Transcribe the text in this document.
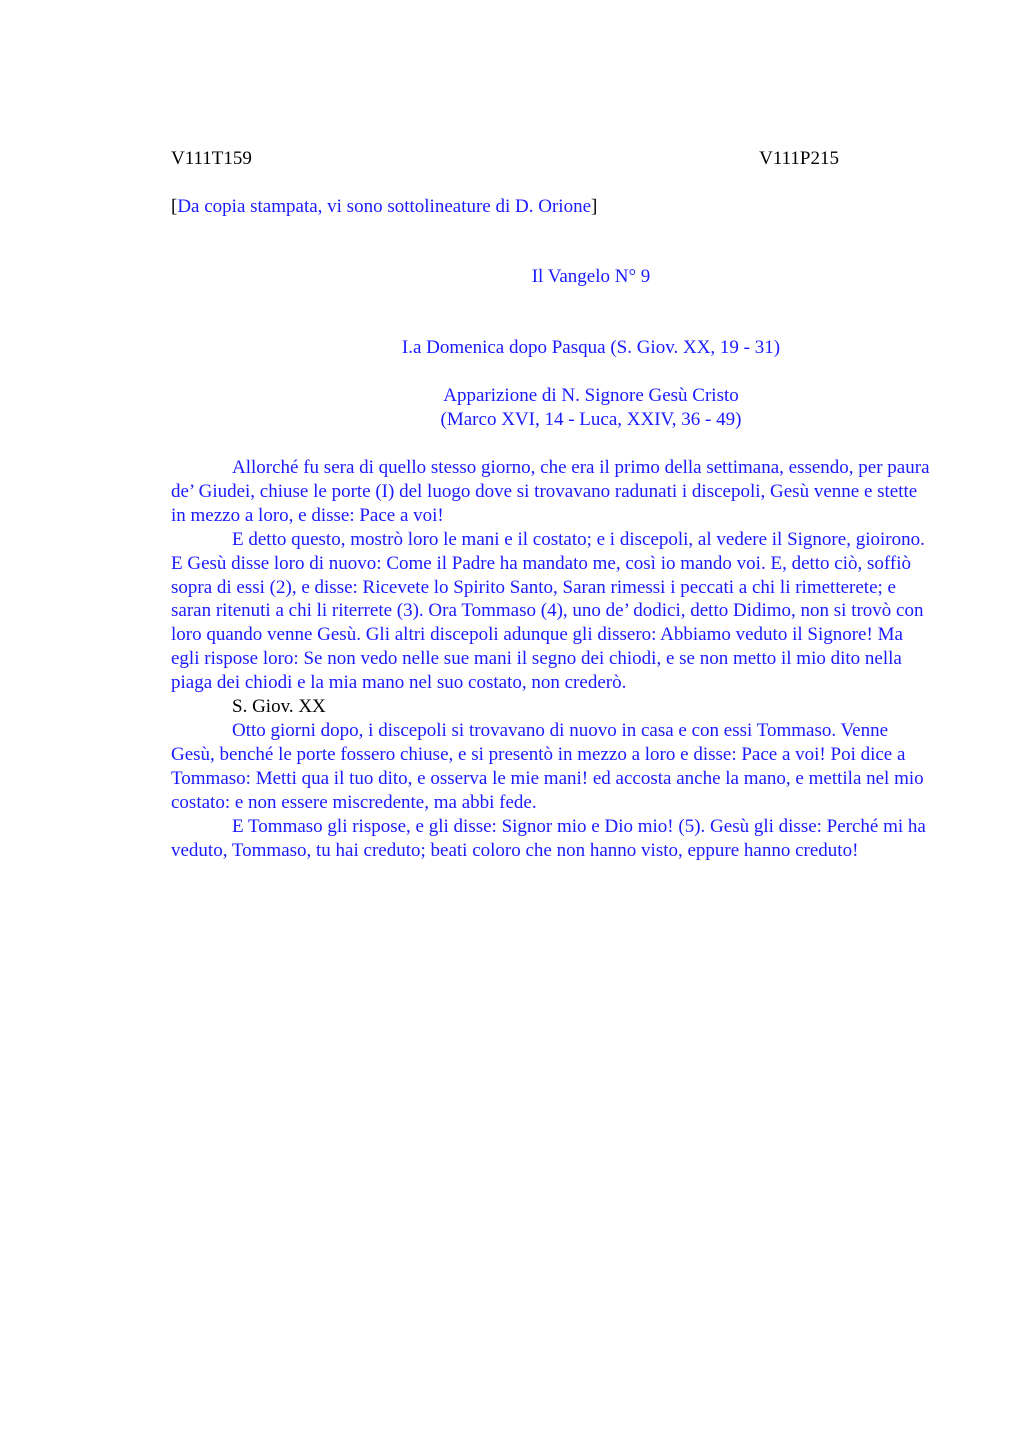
V111T159	V111P215
[Da copia stampata, vi sono sottolineature di D. Orione]
Il Vangelo N° 9
I.a Domenica dopo Pasqua (S. Giov. XX, 19 - 31)
Apparizione di N. Signore Gesù Cristo
(Marco XVI, 14 - Luca, XXIV, 36 - 49)

Allorché fu sera di quello stesso giorno, che era il primo della settimana, essendo, per paura de’ Giudei, chiuse le porte (I) del luogo dove si trovavano radunati i discepoli, Gesù venne e stette in mezzo a loro, e disse: Pace a voi!

E detto questo, mostrò loro le mani e il costato; e i discepoli, al vedere il Signore, gioirono. E Gesù disse loro di nuovo: Come il Padre ha mandato me, così io mando voi. E, detto ciò, soffiò sopra di essi (2), e disse: Ricevete lo Spirito Santo, Saran rimessi i peccati a chi li rimetterete; e saran ritenuti a chi li riterrete (3). Ora Tommaso (4), uno de’ dodici, detto Didimo, non si trovò con loro quando venne Gesù. Gli altri discepoli adunque gli dissero: Abbiamo veduto il Signore! Ma egli rispose loro: Se non vedo nelle sue mani il segno dei chiodi, e se non metto il mio dito nella piaga dei chiodi e la mia mano nel suo costato, non crederò.

S. Giov. XX

Otto giorni dopo, i discepoli si trovavano di nuovo in casa e con essi Tommaso. Venne Gesù, benché le porte fossero chiuse, e si presentò in mezzo a loro e disse: Pace a voi! Poi dice a Tommaso: Metti qua il tuo dito, e osserva le mie mani! ed accosta anche la mano, e mettila nel mio costato: e non essere miscredente, ma abbi fede.

E Tommaso gli rispose, e gli disse: Signor mio e Dio mio! (5). Gesù gli disse: Perché mi ha veduto, Tommaso, tu hai creduto; beati coloro che non hanno visto, eppure hanno creduto!
